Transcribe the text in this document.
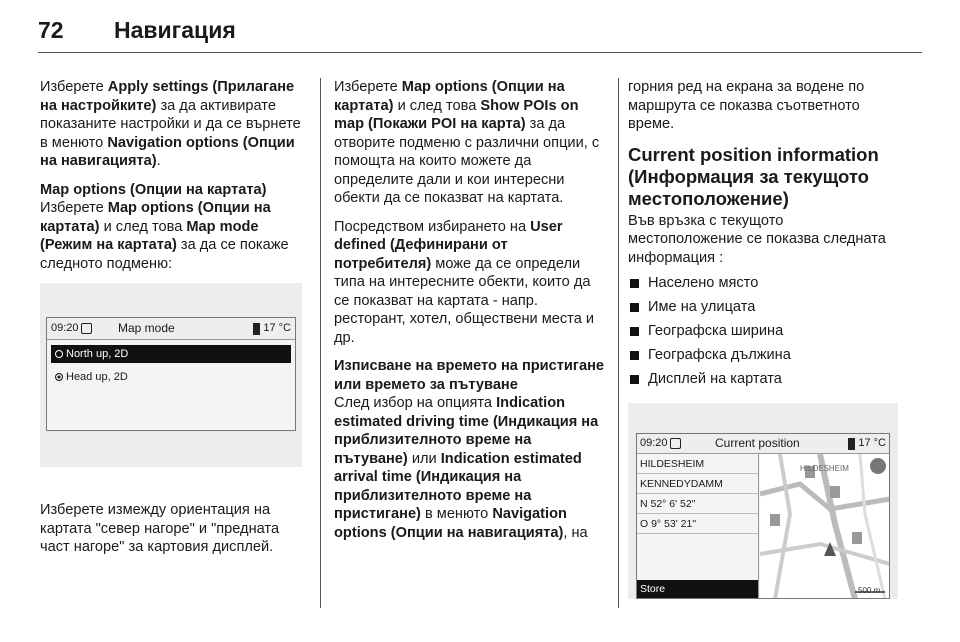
72	Навигация

Изберете Apply settings (Прилагане на настройките) за да активирате показаните настройки и да се върнете в менюто Navigation options (Опции на навигацията).

Map options (Опции на картата)
Изберете Map options (Опции на картата) и след това Map mode (Режим на картата) за да се покаже следното подменю:

09:20	Map mode	17 °C
North up, 2D
Head up, 2D

Изберете измежду ориентация на картата "север нагоре" и "предната част нагоре" за картовия дисплей.

Изберете Map options (Опции на картата) и след това Show POIs on map (Покажи POI на карта) за да отворите подменю с различни опции, с помощта на които можете да определите дали и кои интересни обекти да се показват на картата.

Посредством избирането на User defined (Дефинирани от потребителя) може да се определи типа на интересните обекти, които да се показват на картата - напр. ресторант, хотел, обществени места и др.

Изписване на времето на пристигане или времето за пътуване
След избор на опцията Indication estimated driving time (Индикация на приблизителното време на пътуване) или Indication estimated arrival time (Индикация на приблизителното време на пристигане) в менюто Navigation options (Опции на навигацията), на

горния ред на екрана за водене по маршрута се показва съответното време.

Current position information (Информация за текущото местоположение)

Във връзка с текущото местоположение се показва следната информация :

Населено място
Име на улицата
Географска ширина
Географска дължина
Дисплей на картата
09:20	Current position	17 °C
HILDESHEIM
KENNEDYDAMM
N 52° 6' 52"
O 9° 53' 21"
Store
HILDESHEIM
500 m
